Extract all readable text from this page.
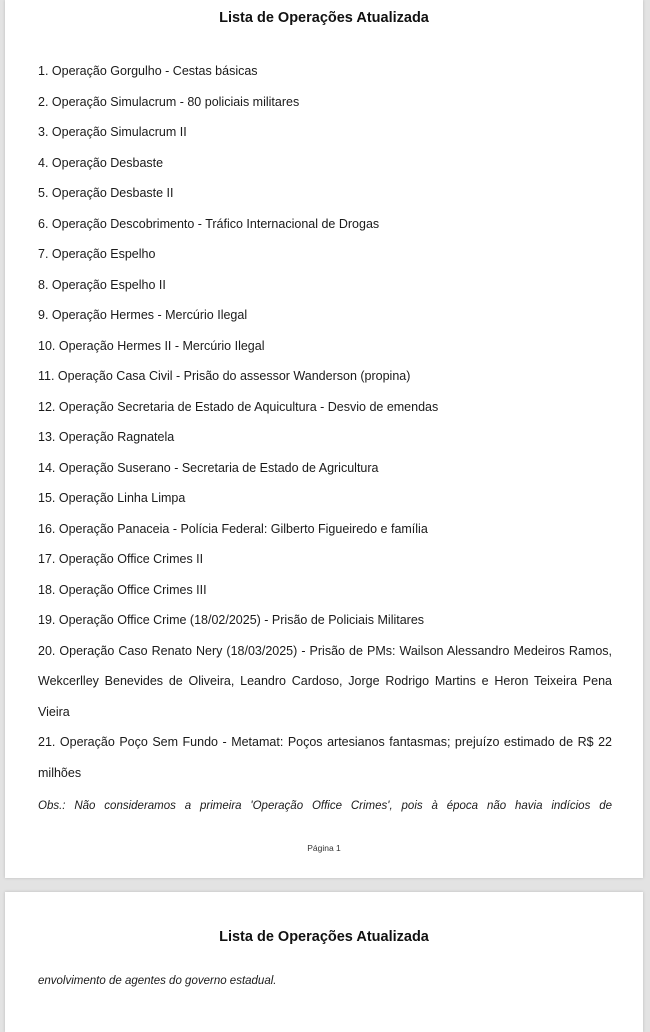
Lista de Operações Atualizada
1. Operação Gorgulho - Cestas básicas
2. Operação Simulacrum - 80 policiais militares
3. Operação Simulacrum II
4. Operação Desbaste
5. Operação Desbaste II
6. Operação Descobrimento - Tráfico Internacional de Drogas
7. Operação Espelho
8. Operação Espelho II
9. Operação Hermes - Mercúrio Ilegal
10. Operação Hermes II - Mercúrio Ilegal
11. Operação Casa Civil - Prisão do assessor Wanderson (propina)
12. Operação Secretaria de Estado de Aquicultura - Desvio de emendas
13. Operação Ragnatela
14. Operação Suserano - Secretaria de Estado de Agricultura
15. Operação Linha Limpa
16. Operação Panaceia - Polícia Federal: Gilberto Figueiredo e família
17. Operação Office Crimes II
18. Operação Office Crimes III
19. Operação Office Crime (18/02/2025) - Prisão de Policiais Militares
20. Operação Caso Renato Nery (18/03/2025) - Prisão de PMs: Wailson Alessandro Medeiros Ramos, Wekcerlley Benevides de Oliveira, Leandro Cardoso, Jorge Rodrigo Martins e Heron Teixeira Pena Vieira
21. Operação Poço Sem Fundo - Metamat: Poços artesianos fantasmas; prejuízo estimado de R$ 22 milhões
Obs.: Não consideramos a primeira 'Operação Office Crimes', pois à época não havia indícios de
Página 1
Lista de Operações Atualizada
envolvimento de agentes do governo estadual.
